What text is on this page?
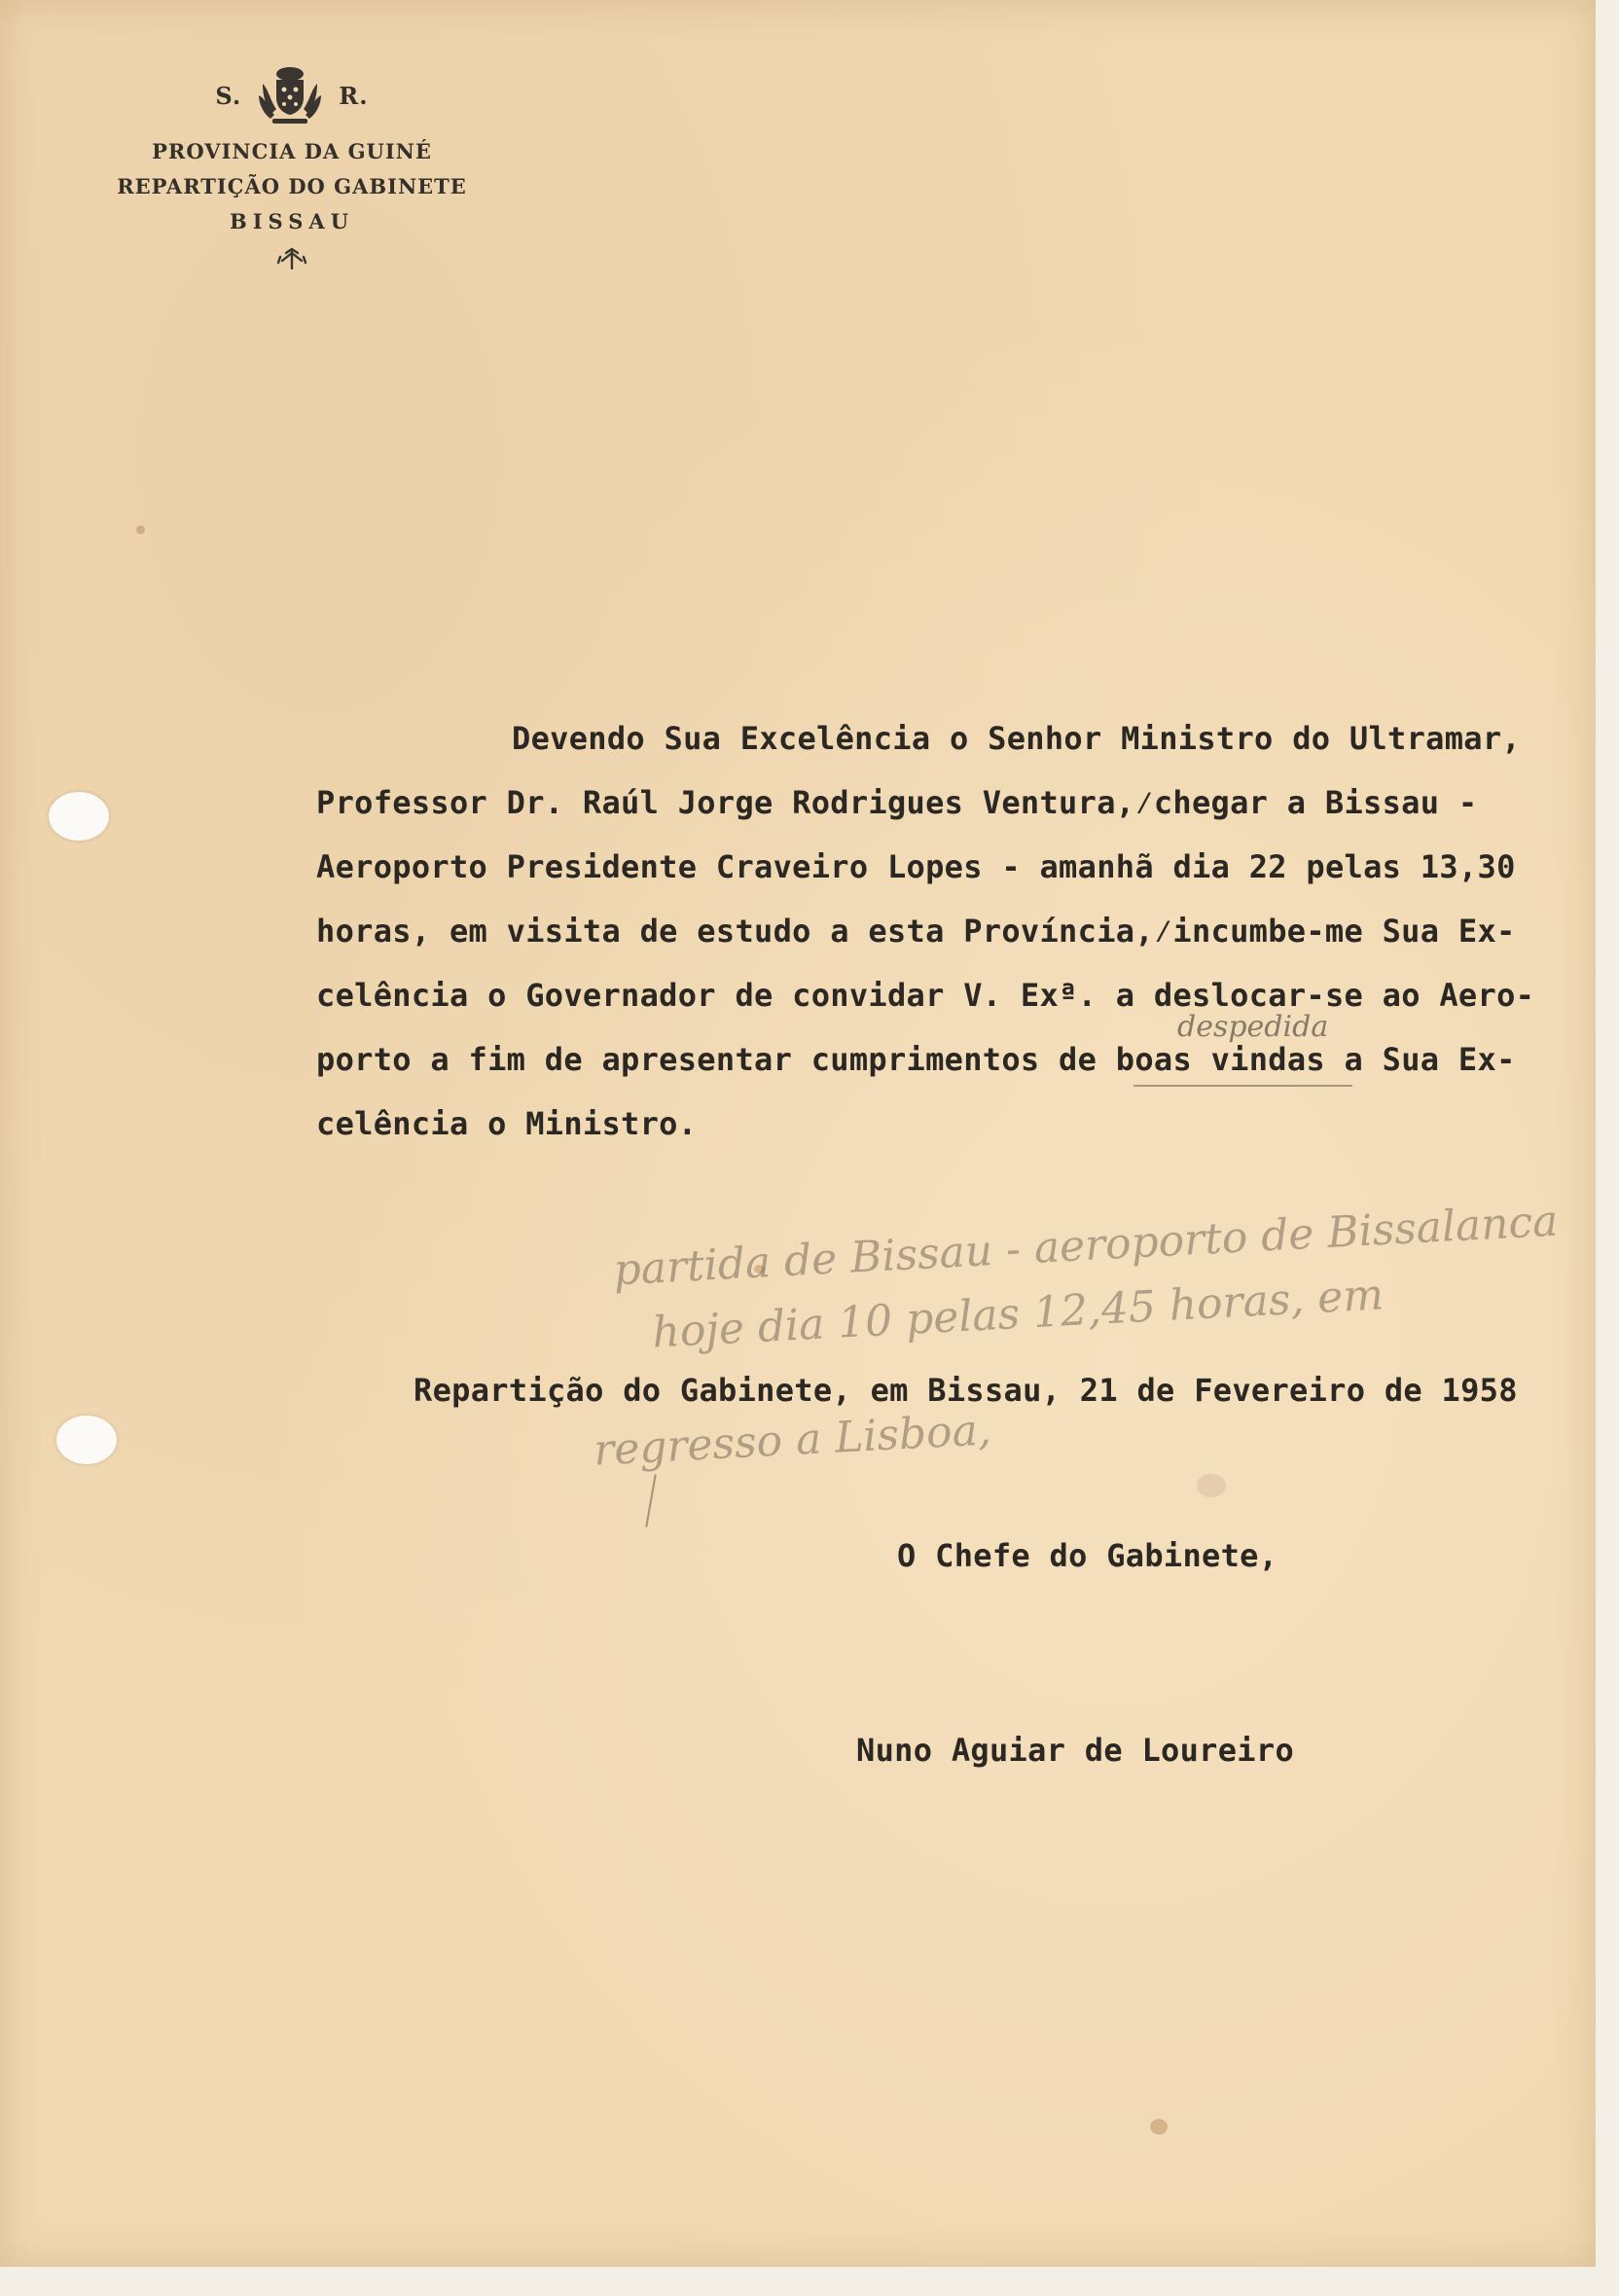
S.	R.
PROVINCIA DA GUINÉ
REPARTIÇÃO DO GABINETE
BISSAU
Devendo Sua Excelência o Senhor Ministro do Ultramar,
Professor Dr. Raúl Jorge Rodrigues Ventura,⁄chegar a Bissau -
Aeroporto Presidente Craveiro Lopes - amanhã dia 22 pelas 13,30
horas, em visita de estudo a esta Província,⁄incumbe-me Sua Ex-
celência o Governador de convidar V. Exª. a deslocar-se ao Aero-
porto a fim de apresentar cumprimentos de boas vindas a Sua Ex-
celência o Ministro.
despedida
partida de Bissau - aeroporto de Bissalanca
hoje dia 10 pelas 12,45 horas, em
regresso a Lisboa,
Repartição do Gabinete, em Bissau, 21 de Fevereiro de 1958
O Chefe do Gabinete,
Nuno Aguiar de Loureiro
